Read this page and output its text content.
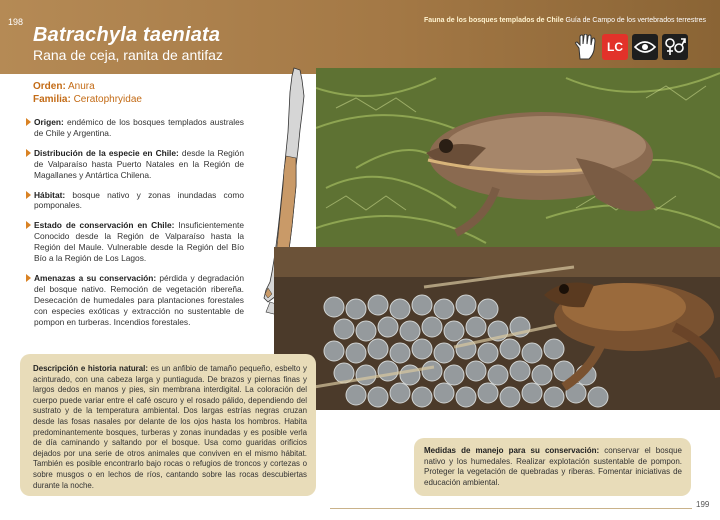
198
Batrachyla taeniata
Rana de ceja, ranita de antifaz
Fauna de los bosques templados de Chile Guía de Campo de los vertebrados terrestres
LC
Orden: Anura
Familia: Ceratophryidae
Origen: endémico de los bosques templados australes de Chile y Argentina.
Distribución de la especie en Chile: desde la Región de Valparaíso hasta Puerto Natales en la Región de Magallanes y Antártica Chilena.
Hábitat: bosque nativo y zonas inundadas como pomponales.
Estado de conservación en Chile: Insuficientemente Conocido desde la Región de Valparaíso hasta la Región del Maule. Vulnerable desde la Región del Bío Bío a la Región de Los Lagos.
Amenazas a su conservación: pérdida y degradación del bosque nativo. Remoción de vegetación ribereña. Desecación de humedales para plantaciones forestales con especies exóticas y extracción no sustentable de pompon en turberas. Incendios forestales.
Descripción e historia natural: es un anfibio de tamaño pequeño, esbelto y acinturado, con una cabeza larga y puntiaguda. De brazos y piernas finas y largos dedos en manos y pies, sin membrana interdigital. La coloración del cuerpo puede variar entre el café oscuro y el rosado pálido, dependiendo del sustrato y de la temperatura ambiental. Dos largas estrías negras cruzan desde las fosas nasales por delante de los ojos hasta los hombros. Habita predominantemente bosques, turberas y zonas inundadas y es posible verla de día caminando y saltando por el bosque. Usa como guaridas orificios dejados por una serie de otros animales que conviven en el mismo hábitat. También es posible encontrarlo bajo rocas o refugios de troncos y cortezas o sobre musgos o en lechos de ríos, cantando sobre las rocas descubiertas durante la noche.
Medidas de manejo para su conservación: conservar el bosque nativo y los humedales. Realizar explotación sustentable de pompon. Proteger la vegetación de quebradas y riberas. Fomentar iniciativas de educación ambiental.
199
